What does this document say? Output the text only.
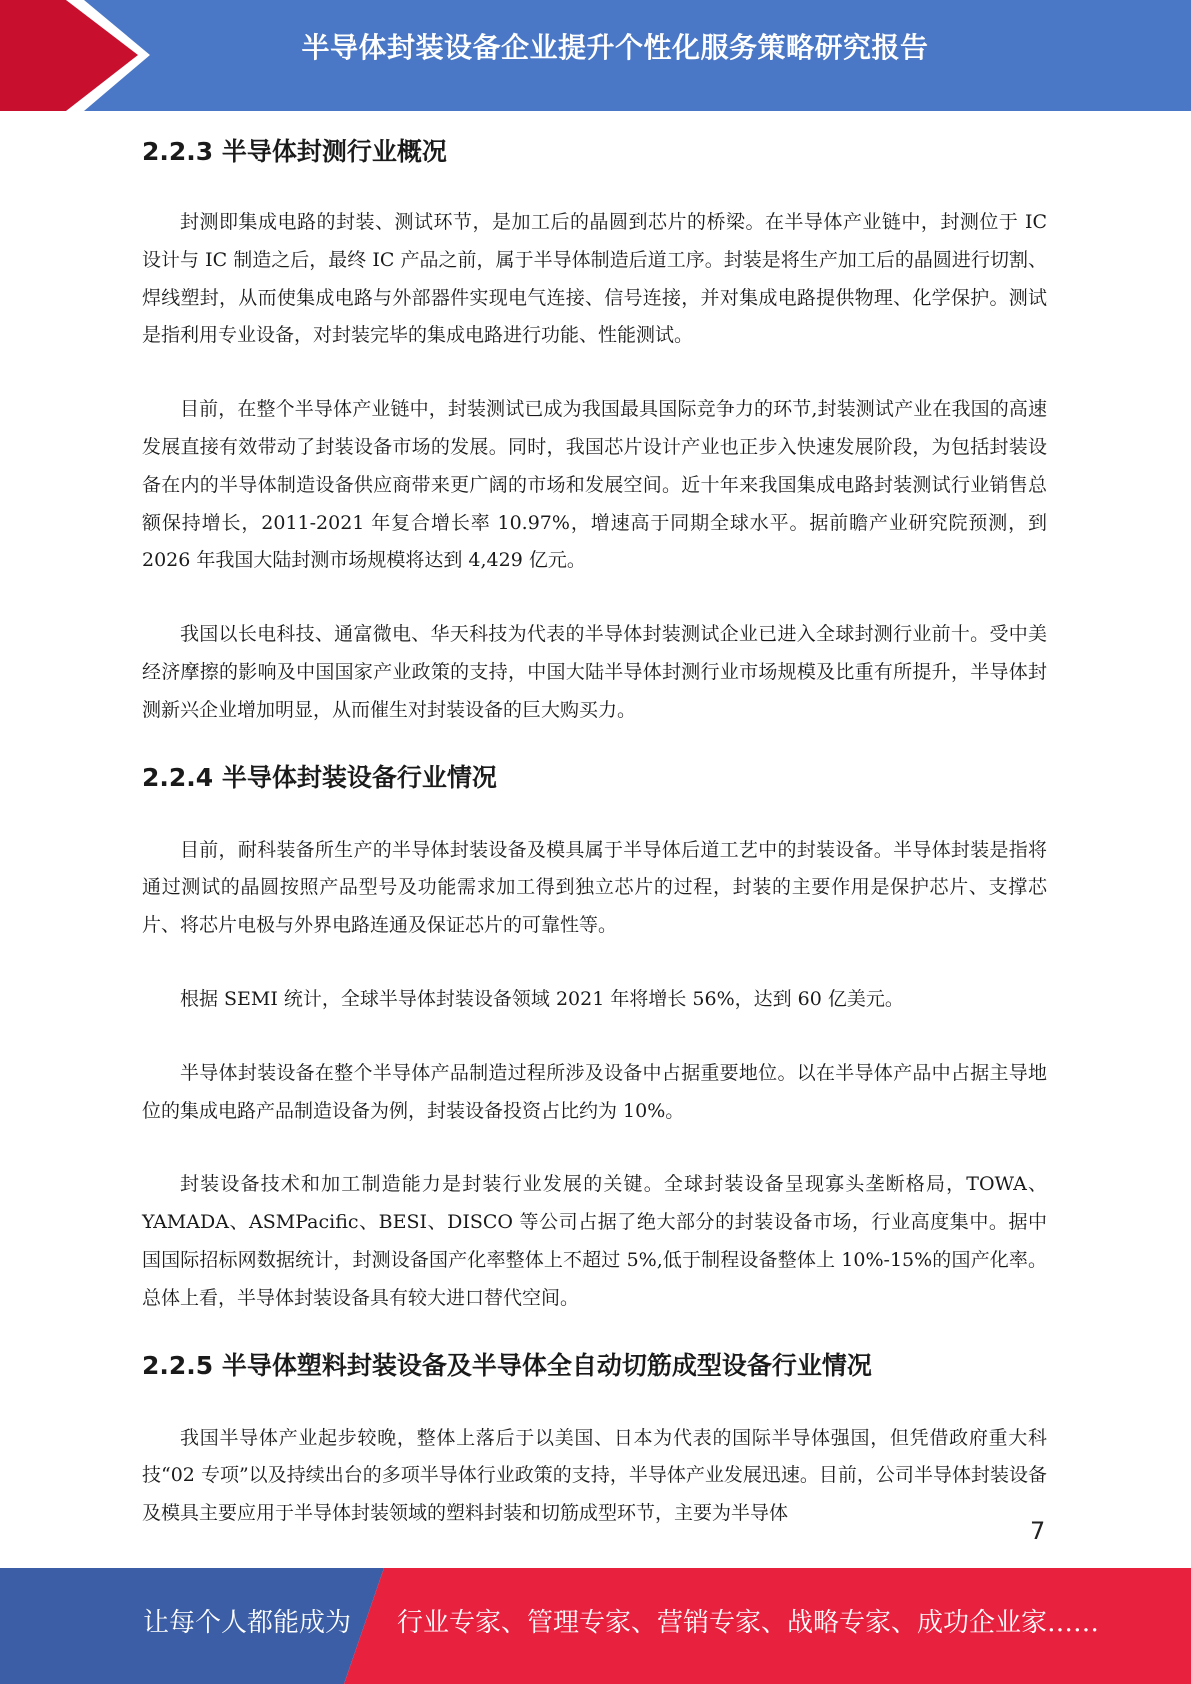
半导体封装设备企业提升个性化服务策略研究报告
2.2.3 半导体封测行业概况

封测即集成电路的封装、测试环节，是加工后的晶圆到芯片的桥梁。在半导体产业链中，封测位于 IC 设计与 IC 制造之后，最终 IC 产品之前，属于半导体制造后道工序。封装是将生产加工后的晶圆进行切割、焊线塑封，从而使集成电路与外部器件实现电气连接、信号连接，并对集成电路提供物理、化学保护。测试是指利用专业设备，对封装完毕的集成电路进行功能、性能测试。

目前，在整个半导体产业链中，封装测试已成为我国最具国际竞争力的环节,封装测试产业在我国的高速发展直接有效带动了封装设备市场的发展。同时，我国芯片设计产业也正步入快速发展阶段，为包括封装设备在内的半导体制造设备供应商带来更广阔的市场和发展空间。近十年来我国集成电路封装测试行业销售总额保持增长，2011-2021 年复合增长率 10.97%，增速高于同期全球水平。据前瞻产业研究院预测，到 2026 年我国大陆封测市场规模将达到 4,429 亿元。

我国以长电科技、通富微电、华天科技为代表的半导体封装测试企业已进入全球封测行业前十。受中美经济摩擦的影响及中国国家产业政策的支持，中国大陆半导体封测行业市场规模及比重有所提升，半导体封测新兴企业增加明显，从而催生对封装设备的巨大购买力。

2.2.4 半导体封装设备行业情况

目前，耐科装备所生产的半导体封装设备及模具属于半导体后道工艺中的封装设备。半导体封装是指将通过测试的晶圆按照产品型号及功能需求加工得到独立芯片的过程，封装的主要作用是保护芯片、支撑芯片、将芯片电极与外界电路连通及保证芯片的可靠性等。

根据 SEMI 统计，全球半导体封装设备领域 2021 年将增长 56%，达到 60 亿美元。

半导体封装设备在整个半导体产品制造过程所涉及设备中占据重要地位。以在半导体产品中占据主导地位的集成电路产品制造设备为例，封装设备投资占比约为 10%。

封装设备技术和加工制造能力是封装行业发展的关键。全球封装设备呈现寡头垄断格局，TOWA、YAMADA、ASMPacific、BESI、DISCO 等公司占据了绝大部分的封装设备市场，行业高度集中。据中国国际招标网数据统计，封测设备国产化率整体上不超过 5%,低于制程设备整体上 10%-15%的国产化率。总体上看，半导体封装设备具有较大进口替代空间。

2.2.5 半导体塑料封装设备及半导体全自动切筋成型设备行业情况

我国半导体产业起步较晚，整体上落后于以美国、日本为代表的国际半导体强国，但凭借政府重大科技“02 专项”以及持续出台的多项半导体行业政策的支持，半导体产业发展迅速。目前，公司半导体封装设备及模具主要应用于半导体封装领域的塑料封装和切筋成型环节，主要为半导体

7
让每个人都能成为 行业专家、管理专家、营销专家、战略专家、成功企业家……
